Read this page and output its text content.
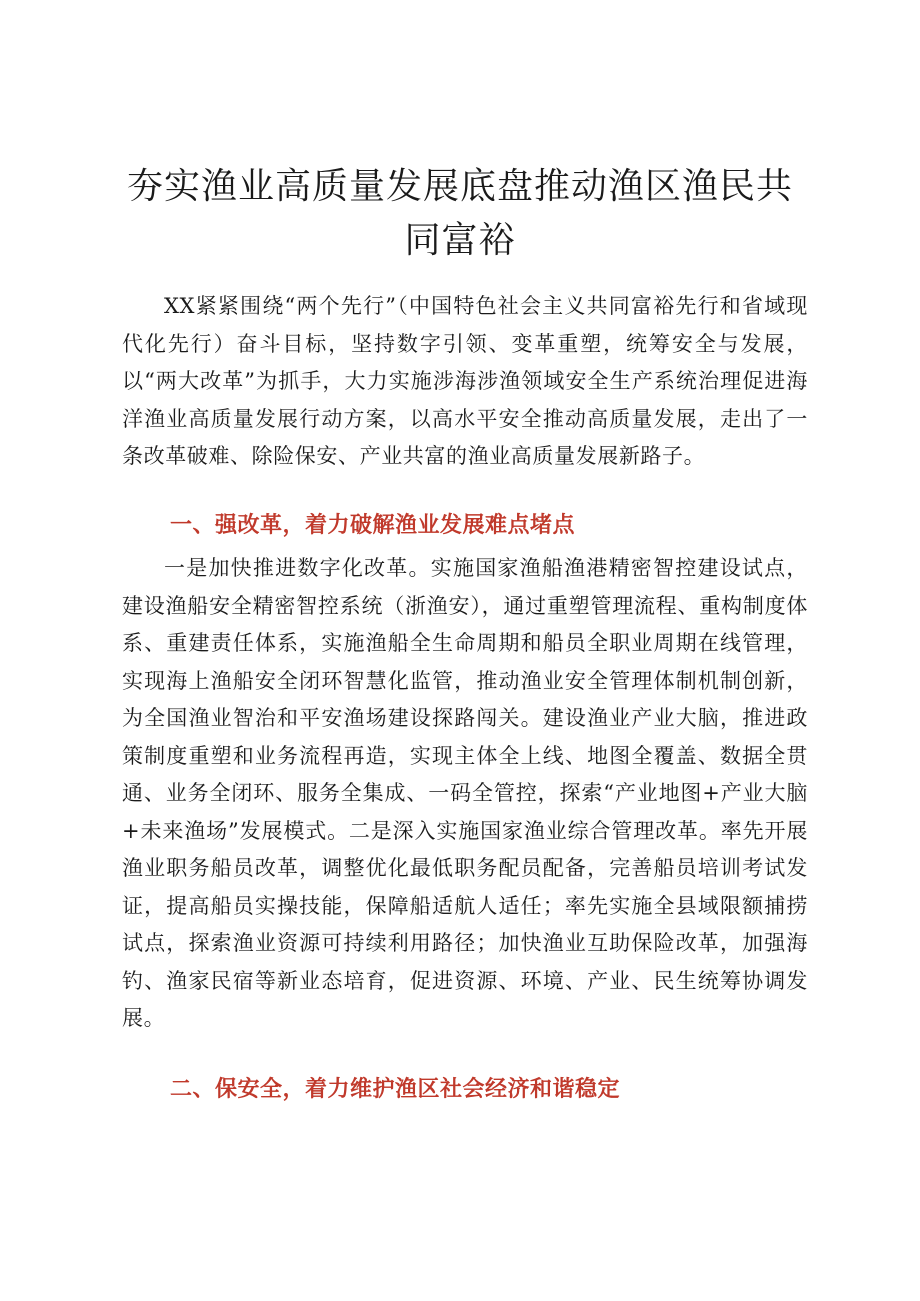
夯实渔业高质量发展底盘推动渔区渔民共同富裕

XX紧紧围绕“两个先行”（中国特色社会主义共同富裕先行和省域现代化先行）奋斗目标，坚持数字引领、变革重塑，统筹安全与发展，以“两大改革”为抓手，大力实施涉海涉渔领域安全生产系统治理促进海洋渔业高质量发展行动方案，以高水平安全推动高质量发展，走出了一条改革破难、除险保安、产业共富的渔业高质量发展新路子。

一、强改革，着力破解渔业发展难点堵点

一是加快推进数字化改革。实施国家渔船渔港精密智控建设试点，建设渔船安全精密智控系统（浙渔安），通过重塑管理流程、重构制度体系、重建责任体系，实施渔船全生命周期和船员全职业周期在线管理，实现海上渔船安全闭环智慧化监管，推动渔业安全管理体制机制创新，为全国渔业智治和平安渔场建设探路闯关。建设渔业产业大脑，推进政策制度重塑和业务流程再造，实现主体全上线、地图全覆盖、数据全贯通、业务全闭环、服务全集成、一码全管控，探索“产业地图+产业大脑+未来渔场”发展模式。二是深入实施国家渔业综合管理改革。率先开展渔业职务船员改革，调整优化最低职务配员配备，完善船员培训考试发证，提高船员实操技能，保障船适航人适任；率先实施全县域限额捕捞试点，探索渔业资源可持续利用路径；加快渔业互助保险改革，加强海钓、渔家民宿等新业态培育，促进资源、环境、产业、民生统筹协调发展。

二、保安全，着力维护渔区社会经济和谐稳定
